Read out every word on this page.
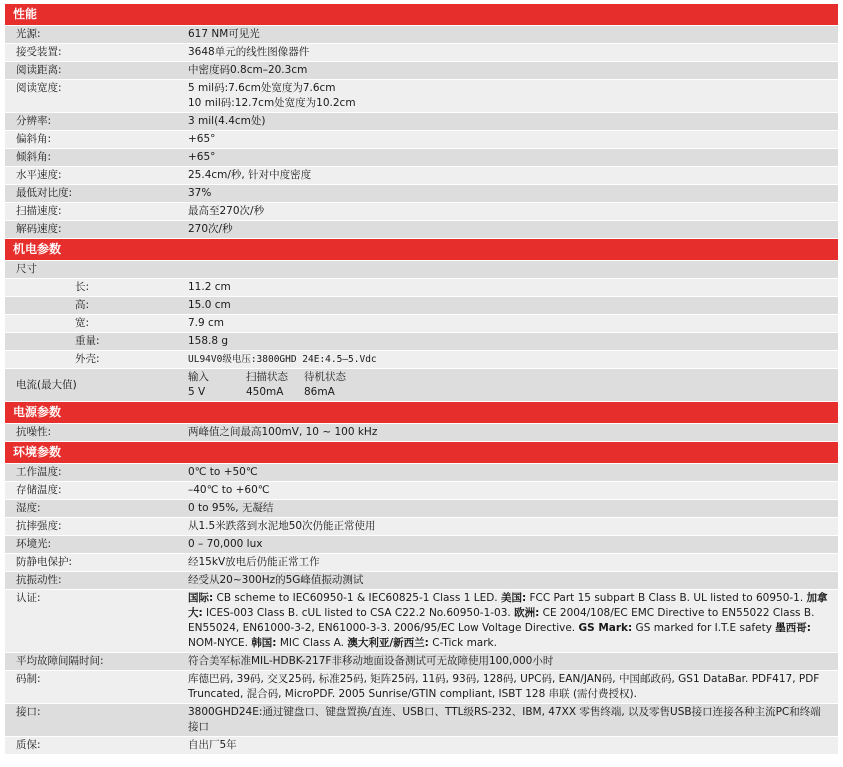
性能
光源:	617 NM可见光
接受装置:	3648单元的线性图像器件
阅读距离:	中密度码0.8cm–20.3cm
阅读宽度:	5 mil码:7.6cm处宽度为7.6cm
10 mil码:12.7cm处宽度为10.2cm
分辨率:	3 mil(4.4cm处)
偏斜角:	+65°
倾斜角:	+65°
水平速度:	25.4cm/秒, 针对中度密度
最低对比度:	37%
扫描速度:	最高至270次/秒
解码速度:	270次/秒
机电参数
尺寸

长:	11.2 cm
高:	15.0 cm
宽:	7.9 cm
重量:	158.8 g
外壳:	UL94V0级电压:3800GHD 24E:4.5–5.Vdc
电流(最大值)
输入	扫描状态	待机状态
5 V	450mA	86mA
电源参数
抗噪性:	两峰值之间最高100mV, 10 ~ 100 kHz
环境参数
工作温度:	0℃ to +50℃
存储温度:	–40℃ to +60℃
湿度:	0 to 95%, 无凝结
抗摔强度:	从1.5米跌落到水泥地50次仍能正常使用
环境光:	0 – 70,000 lux
防静电保护:	经15kV放电后仍能正常工作
抗振动性:	经受从20~300Hz的5G峰值振动测试
认证:	国际: CB scheme to IEC60950-1 & IEC60825-1 Class 1 LED. 美国: FCC Part 15 subpart B Class B. UL listed to 60950-1. 加拿大: ICES-003 Class B. cUL listed to CSA C22.2 No.60950-1-03. 欧洲: CE 2004/108/EC EMC Directive to EN55022 Class B. EN55024, EN61000-3-2, EN61000-3-3. 2006/95/EC Low Voltage Directive. GS Mark: GS marked for I.T.E safety 墨西哥: NOM-NYCE. 韩国: MIC Class A. 澳大利亚/新西兰: C-Tick mark.
平均故障间隔时间:	符合美军标准MIL-HDBK-217F非移动地面设备测试可无故障使用100,000小时
码制:	库德巴码, 39码, 交叉25码, 标准25码, 矩阵25码, 11码, 93码, 128码, UPC码, EAN/JAN码, 中国邮政码, GS1 DataBar. PDF417, PDF Truncated, 混合码, MicroPDF. 2005 Sunrise/GTIN compliant, ISBT 128 串联 (需付费授权).
接口:	3800GHD24E:通过键盘口、键盘置换/直连、USB口、TTL级RS-232、IBM, 47XX 零售终端, 以及零售USB接口连接各种主流PC和终端接口
质保:	自出厂5年
